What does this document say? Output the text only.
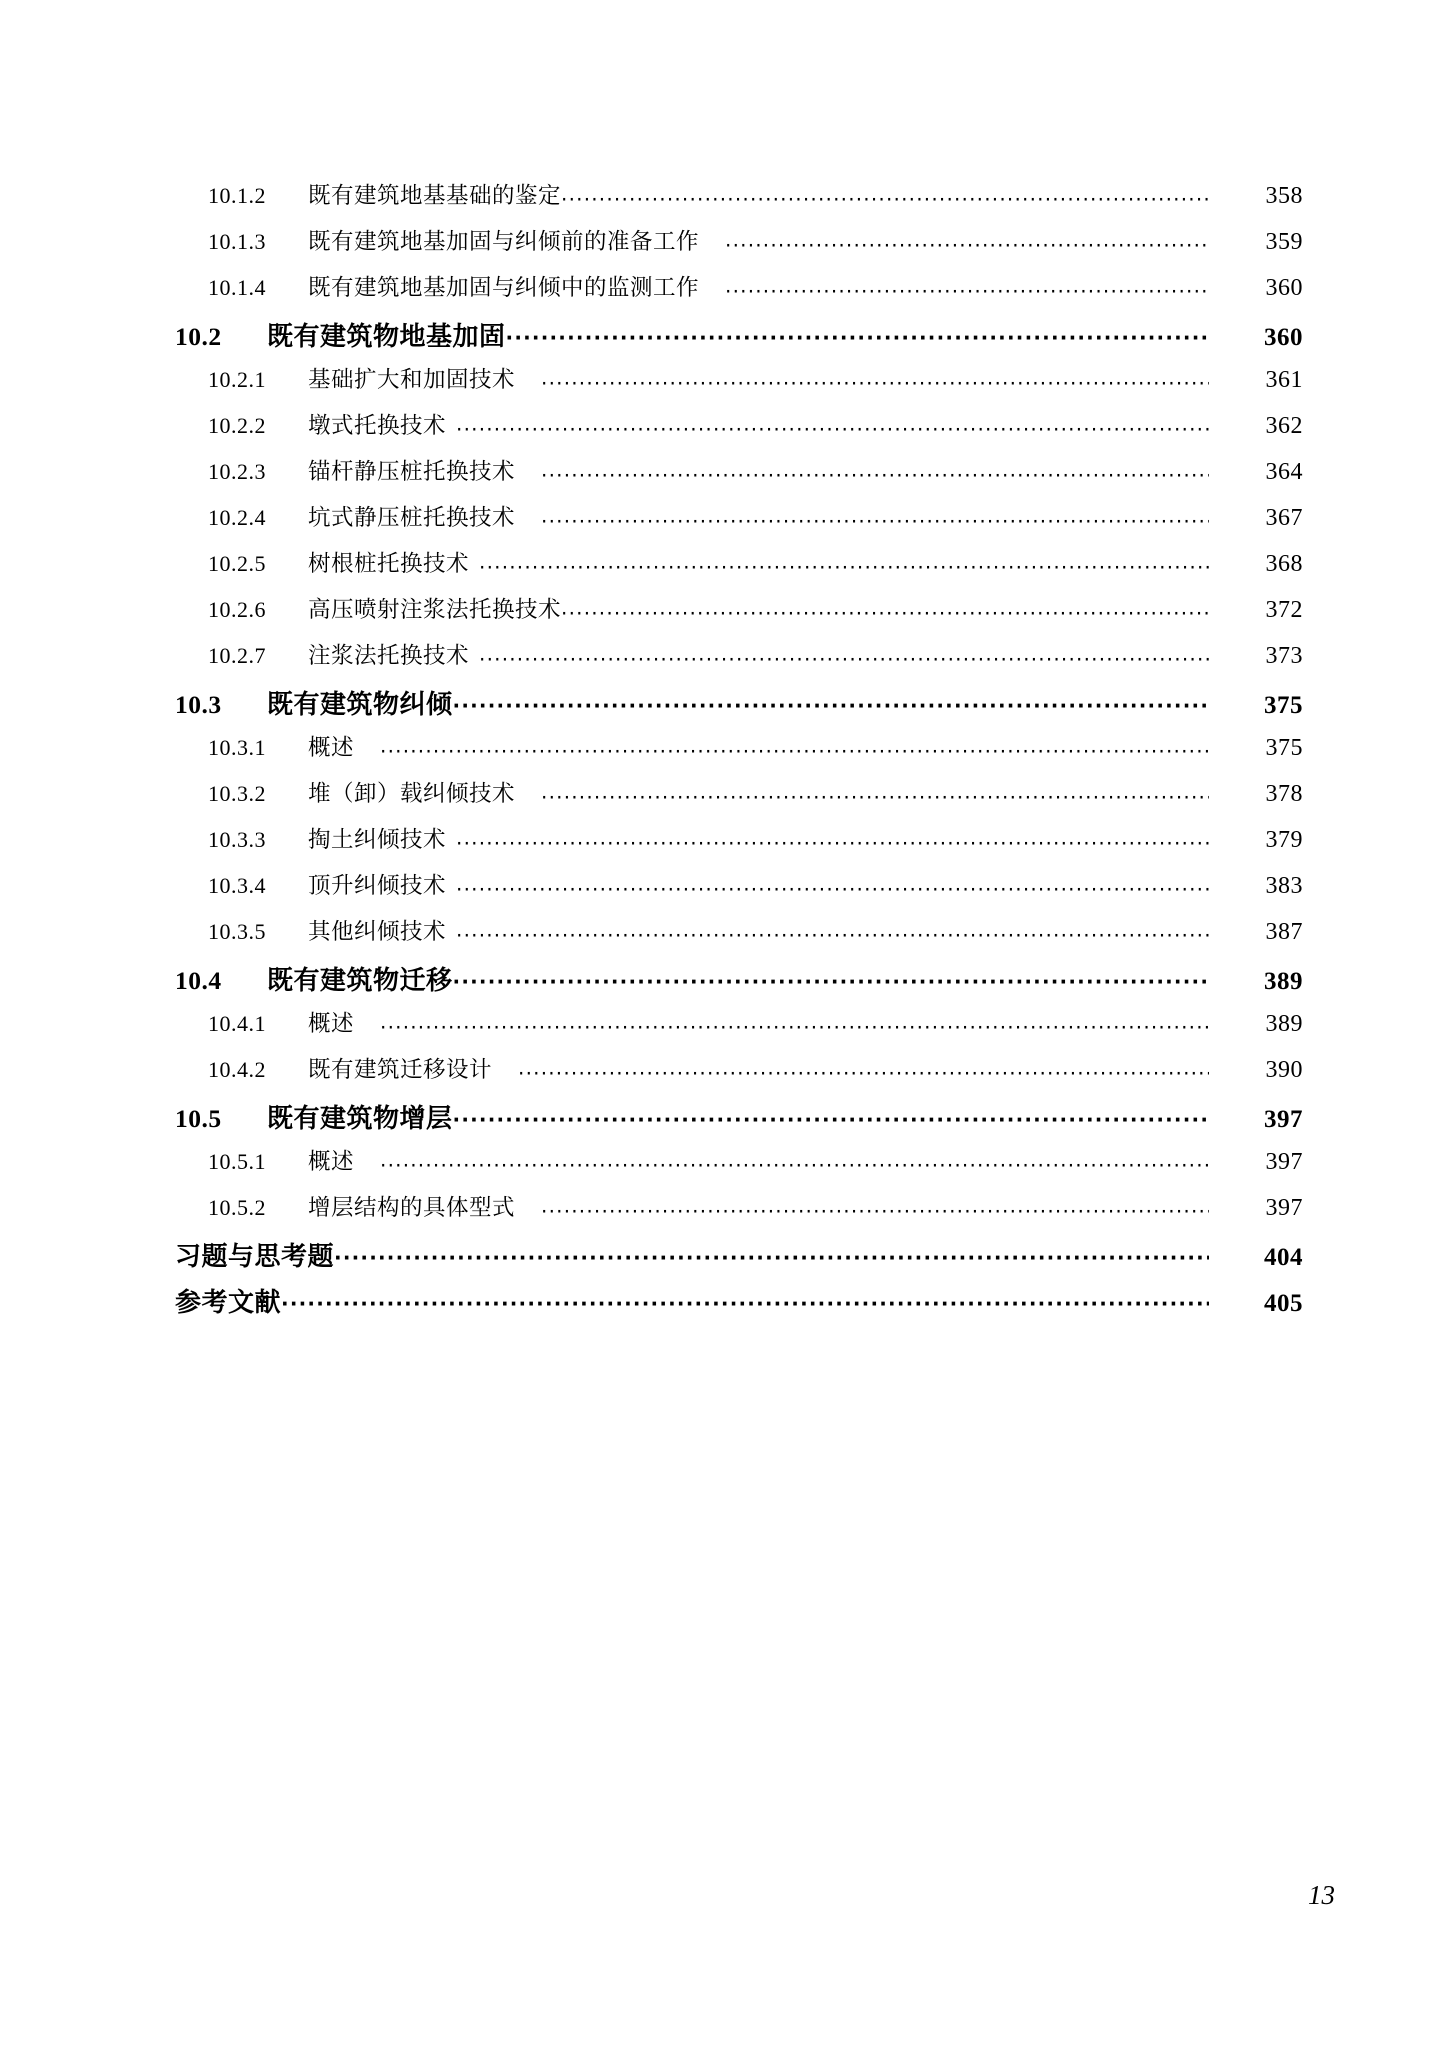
10.1.2	既有建筑地基基础的鉴定 ·····	358
10.1.3	既有建筑地基加固与纠倾前的准备工作 ·····	359
10.1.4	既有建筑地基加固与纠倾中的监测工作 ·····	360
10.2	既有建筑物地基加固 ·····	360
10.2.1	基础扩大和加固技术 ·····	361
10.2.2	墩式托换技术 ·····	362
10.2.3	锚杆静压桩托换技术 ·····	364
10.2.4	坑式静压桩托换技术 ·····	367
10.2.5	树根桩托换技术 ·····	368
10.2.6	高压喷射注浆法托换技术 ·····	372
10.2.7	注浆法托换技术 ·····	373
10.3	既有建筑物纠倾 ·····	375
10.3.1	概述 ·····	375
10.3.2	堆（卸）载纠倾技术 ·····	378
10.3.3	掏土纠倾技术 ·····	379
10.3.4	顶升纠倾技术 ·····	383
10.3.5	其他纠倾技术 ·····	387
10.4	既有建筑物迁移 ·····	389
10.4.1	概述 ·····	389
10.4.2	既有建筑迁移设计 ·····	390
10.5	既有建筑物增层 ·····	397
10.5.1	概述 ·····	397
10.5.2	增层结构的具体型式 ·····	397
习题与思考题 ·····	404
参考文献 ·····	405
13
